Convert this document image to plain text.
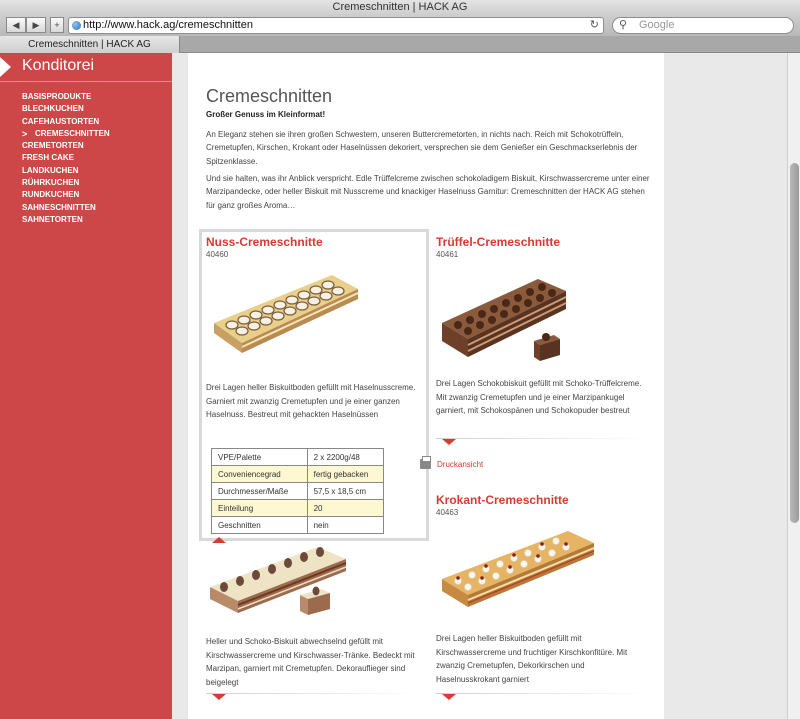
Cremeschnitten | HACK AG
◀	▶	+	http://www.hack.ag/cremeschnitten	↻ ⚲ Google
Cremeschnitten | HACK AG
Konditorei
BASISPRODUKTE
BLECHKUCHEN
CAFEHAUSTORTEN
> CREMESCHNITTEN
CREMETORTEN
FRESH CAKE
LANDKUCHEN
RÜHRKUCHEN
RUNDKUCHEN
SAHNESCHNITTEN
SAHNETORTEN
Cremeschnitten
Großer Genuss im Kleinformat!
An Eleganz stehen sie ihren großen Schwestern, unseren Buttercremetorten, in nichts nach. Reich mit Schokotrüffeln, Cremetupfen, Kirschen, Krokant oder Haselnüssen dekoriert, versprechen sie dem Genießer ein Geschmackserlebnis der Spitzenklasse.
Und sie halten, was ihr Anblick verspricht. Edle Trüffelcreme zwischen schokoladigem Biskuit, Kirschwassercreme unter einer Marzipandecke, oder heller Biskuit mit Nusscreme und knackiger Haselnuss Garnitur: Cremeschnitten der HACK AG stehen für ganz großes Aroma…
Nuss-Cremeschnitte
40460
Drei Lagen heller Biskuitboden gefüllt mit Haselnusscreme. Garniert mit zwanzig Cremetupfen und je einer ganzen Haselnuss. Bestreut mit gehackten Haselnüssen
VPE/Palette	2 x 2200g/48
Conveniencegrad	fertig gebacken
Durchmesser/Maße	57,5 x 18,5 cm
Einteilung	20
Geschnitten	nein
Trüffel-Cremeschnitte
40461
Drei Lagen Schokobiskuit gefüllt mit Schoko-Trüffelcreme. Mit zwanzig Cremetupfen und je einer Marzipankugel garniert, mit Schokospänen und Schokopuder bestreut
Druckansicht
Krokant-Cremeschnitte
40463
Drei Lagen heller Biskuitboden gefüllt mit Kirschwassercreme und fruchtiger Kirschkonfitüre. Mit zwanzig Cremetupfen, Dekorkirschen und Haselnusskrokant garniert
Heller und Schoko-Biskuit abwechselnd gefüllt mit Kirschwassercreme und Kirschwasser-Tränke. Bedeckt mit Marzipan, garniert mit Cremetupfen. Dekorauflieger sind beigelegt
